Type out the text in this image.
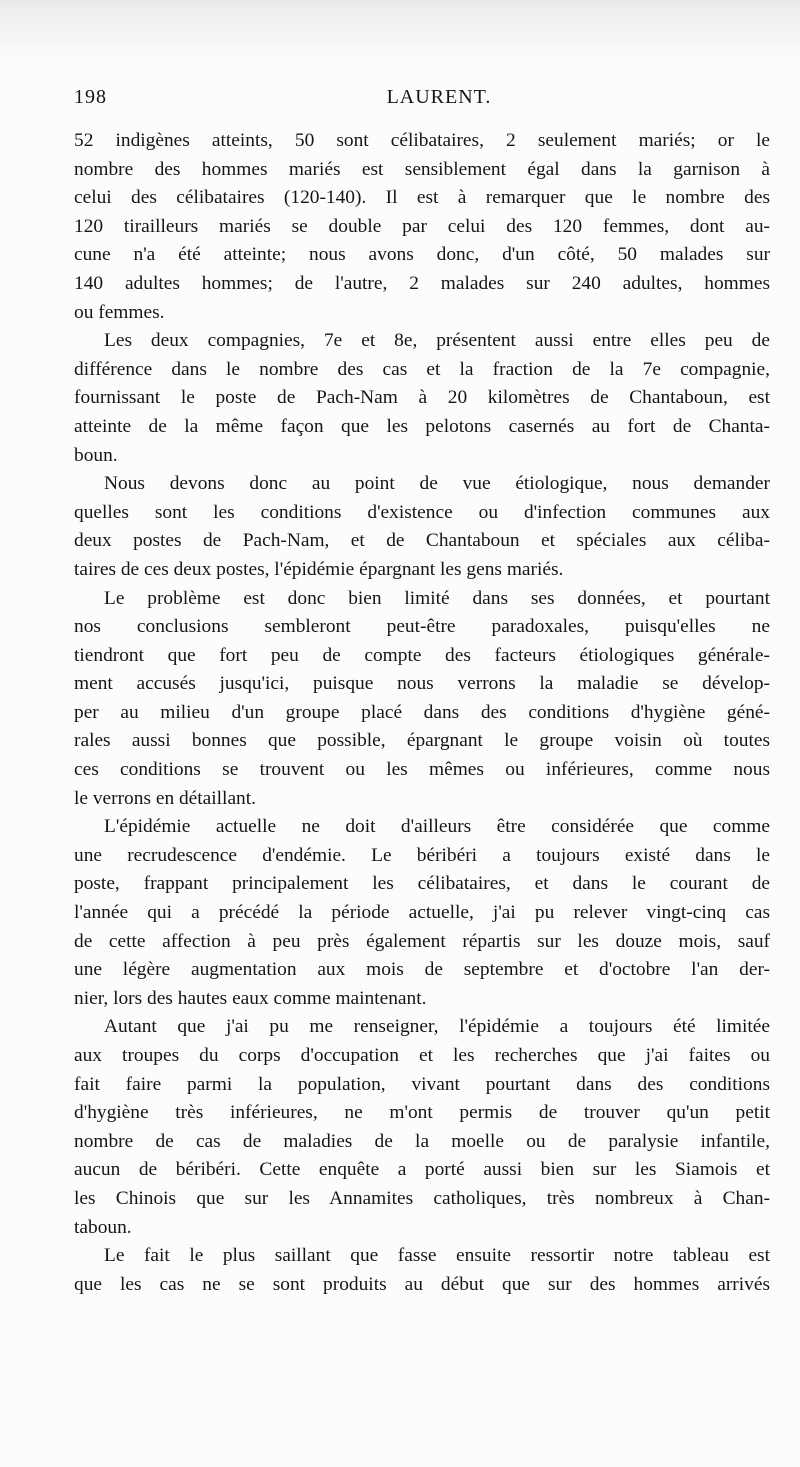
198	LAURENT.
52 indigènes atteints, 50 sont célibataires, 2 seulement mariés; or le
nombre des hommes mariés est sensiblement égal dans la garnison à
celui des célibataires (120-140). Il est à remarquer que le nombre des
120 tirailleurs mariés se double par celui des 120 femmes, dont au-
cune n'a été atteinte; nous avons donc, d'un côté, 50 malades sur
140 adultes hommes; de l'autre, 2 malades sur 240 adultes, hommes
ou femmes.
Les deux compagnies, 7e et 8e, présentent aussi entre elles peu de
différence dans le nombre des cas et la fraction de la 7e compagnie,
fournissant le poste de Pach-Nam à 20 kilomètres de Chantaboun, est
atteinte de la même façon que les pelotons casernés au fort de Chanta-
boun.
Nous devons donc au point de vue étiologique, nous demander
quelles sont les conditions d'existence ou d'infection communes aux
deux postes de Pach-Nam, et de Chantaboun et spéciales aux céliba-
taires de ces deux postes, l'épidémie épargnant les gens mariés.
Le problème est donc bien limité dans ses données, et pourtant
nos conclusions sembleront peut-être paradoxales, puisqu'elles ne
tiendront que fort peu de compte des facteurs étiologiques générale-
ment accusés jusqu'ici, puisque nous verrons la maladie se dévelop-
per au milieu d'un groupe placé dans des conditions d'hygiène géné-
rales aussi bonnes que possible, épargnant le groupe voisin où toutes
ces conditions se trouvent ou les mêmes ou inférieures, comme nous
le verrons en détaillant.
L'épidémie actuelle ne doit d'ailleurs être considérée que comme
une recrudescence d'endémie. Le béribéri a toujours existé dans le
poste, frappant principalement les célibataires, et dans le courant de
l'année qui a précédé la période actuelle, j'ai pu relever vingt-cinq cas
de cette affection à peu près également répartis sur les douze mois, sauf
une légère augmentation aux mois de septembre et d'octobre l'an der-
nier, lors des hautes eaux comme maintenant.
Autant que j'ai pu me renseigner, l'épidémie a toujours été limitée
aux troupes du corps d'occupation et les recherches que j'ai faites ou
fait faire parmi la population, vivant pourtant dans des conditions
d'hygiène très inférieures, ne m'ont permis de trouver qu'un petit
nombre de cas de maladies de la moelle ou de paralysie infantile,
aucun de béribéri. Cette enquête a porté aussi bien sur les Siamois et
les Chinois que sur les Annamites catholiques, très nombreux à Chan-
taboun.
Le fait le plus saillant que fasse ensuite ressortir notre tableau est
que les cas ne se sont produits au début que sur des hommes arrivés
